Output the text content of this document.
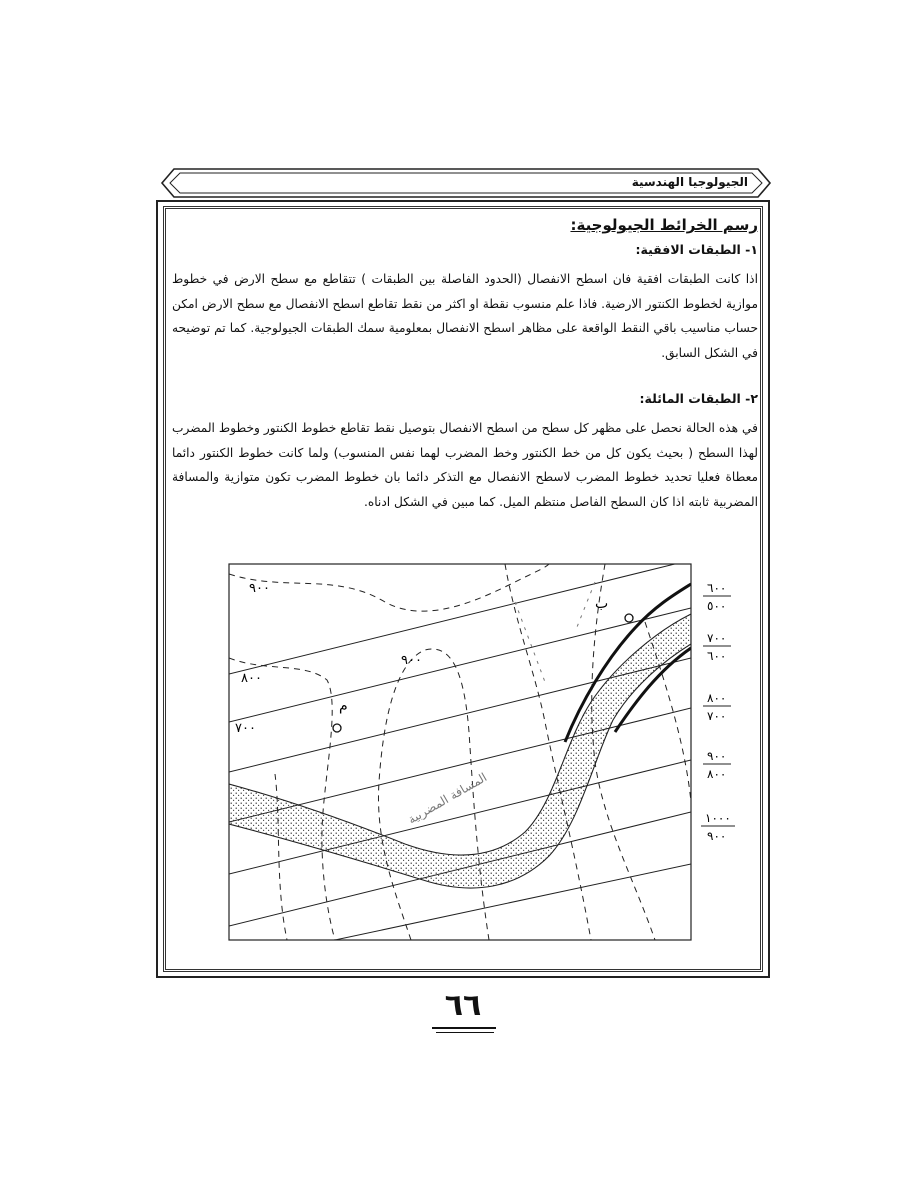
الجيولوجيا الهندسية
رسم الخرائط الجيولوجية:
١- الطبقات الافقية:
اذا كانت الطبقات افقية فان اسطح الانفصال (الحدود الفاصلة بين الطبقات ) تتقاطع مع سطح الارض في خطوط موازية لخطوط الكنتور الارضية. فاذا علم منسوب نقطة او اكثر من نقط تقاطع اسطح الانفصال مع سطح الارض امكن حساب مناسيب باقي النقط الواقعة على مظاهر اسطح الانفصال بمعلومية سمك الطبقات الجيولوجية. كما تم توضيحه في الشكل السابق.
٢- الطبقات المائلة:
في هذه الحالة نحصل على مظهر كل سطح من اسطح الانفصال بتوصيل نقط تقاطع خطوط الكنتور وخطوط المضرب لهذا السطح ( بحيث يكون كل من خط الكنتور وخط المضرب لهما نفس المنسوب) ولما كانت خطوط الكنتور دائما معطاة فعليا تحديد خطوط المضرب لاسطح الانفصال مع التذكر دائما بان خطوط المضرب تكون متوازية والمسافة المضربية ثابته اذا كان السطح الفاصل منتظم الميل. كما مبين في الشكل ادناه.
٩٠٠
٨٠٠
٧٠٠
٩٠٠
م
ب
المسافة المضربية
٦٠٠
٥٠٠
٧٠٠
٦٠٠
٨٠٠
٧٠٠
٩٠٠
٨٠٠
١٠٠٠
٩٠٠
٦٦
